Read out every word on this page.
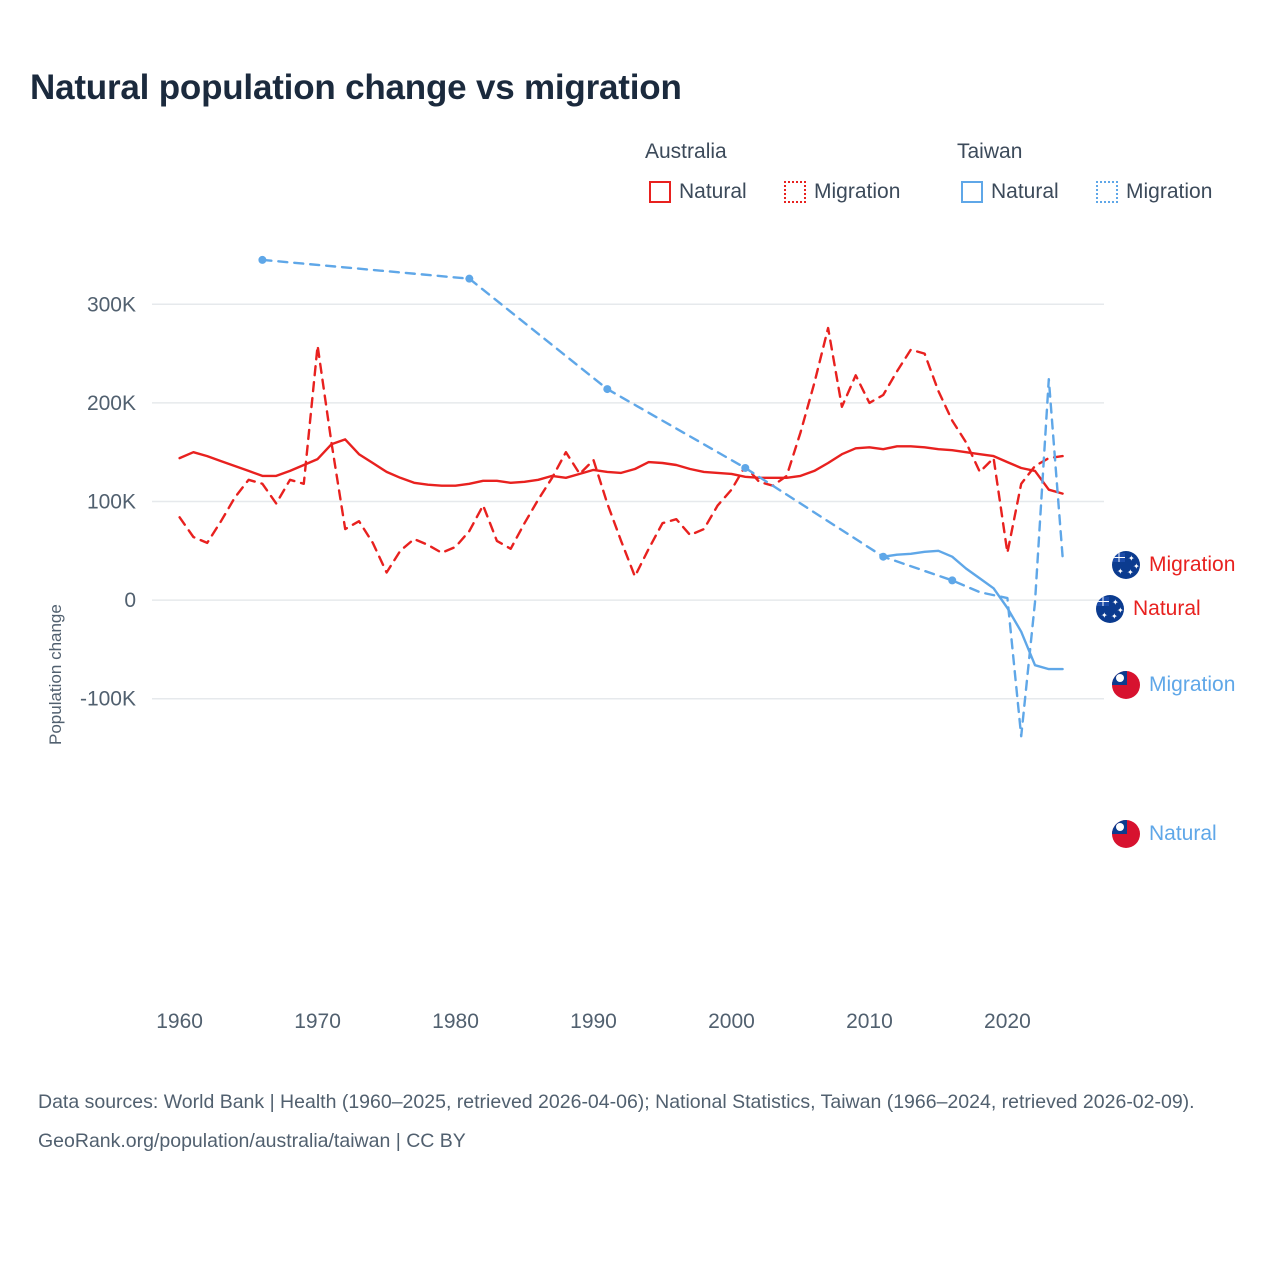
Natural population change vs migration
Australia	Taiwan
Natural	Migration	Natural	Migration
Population change -100K
0
100K
200K
300K
1960	1970	1980	1990	2000	2010	2020
✦
✦
✦
✦ Migration
✦
✦
✦
✦ Natural
Migration
Natural
Data sources: World Bank | Health (1960–2025, retrieved 2026-04-06); National Statistics, Taiwan (1966–2024, retrieved 2026-02-09).
GeoRank.org/population/australia/taiwan | CC BY
